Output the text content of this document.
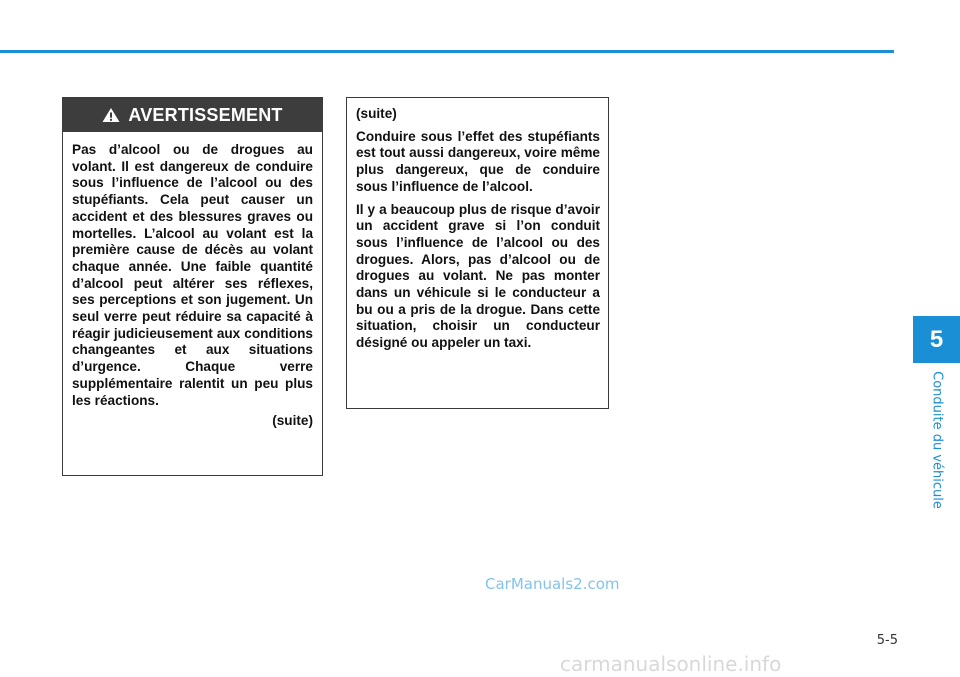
5
Conduite du véhicule
AVERTISSEMENT

Pas d’alcool ou de drogues au volant. Il est dangereux de conduire sous l’influence de l’alcool ou des stupéfiants. Cela peut causer un accident et des blessures graves ou mortelles. L’alcool au volant est la première cause de décès au volant chaque année. Une faible quantité d’alcool peut altérer ses réflexes, ses perceptions et son jugement. Un seul verre peut réduire sa capacité à réagir judicieusement aux conditions changeantes et aux situations d’urgence. Chaque verre supplémentaire ralentit un peu plus les réactions.

(suite)

(suite)

Conduire sous l’effet des stupéfiants est tout aussi dangereux, voire même plus dangereux, que de conduire sous l’influence de l’alcool.

Il y a beaucoup plus de risque d’avoir un accident grave si l’on conduit sous l’influence de l’alcool ou des drogues. Alors, pas d’alcool ou de drogues au volant. Ne pas monter dans un véhicule si le conducteur a bu ou a pris de la drogue. Dans cette situation, choisir un conducteur désigné ou appeler un taxi.

CarManuals2.com
5-5
carmanualsonline.info
